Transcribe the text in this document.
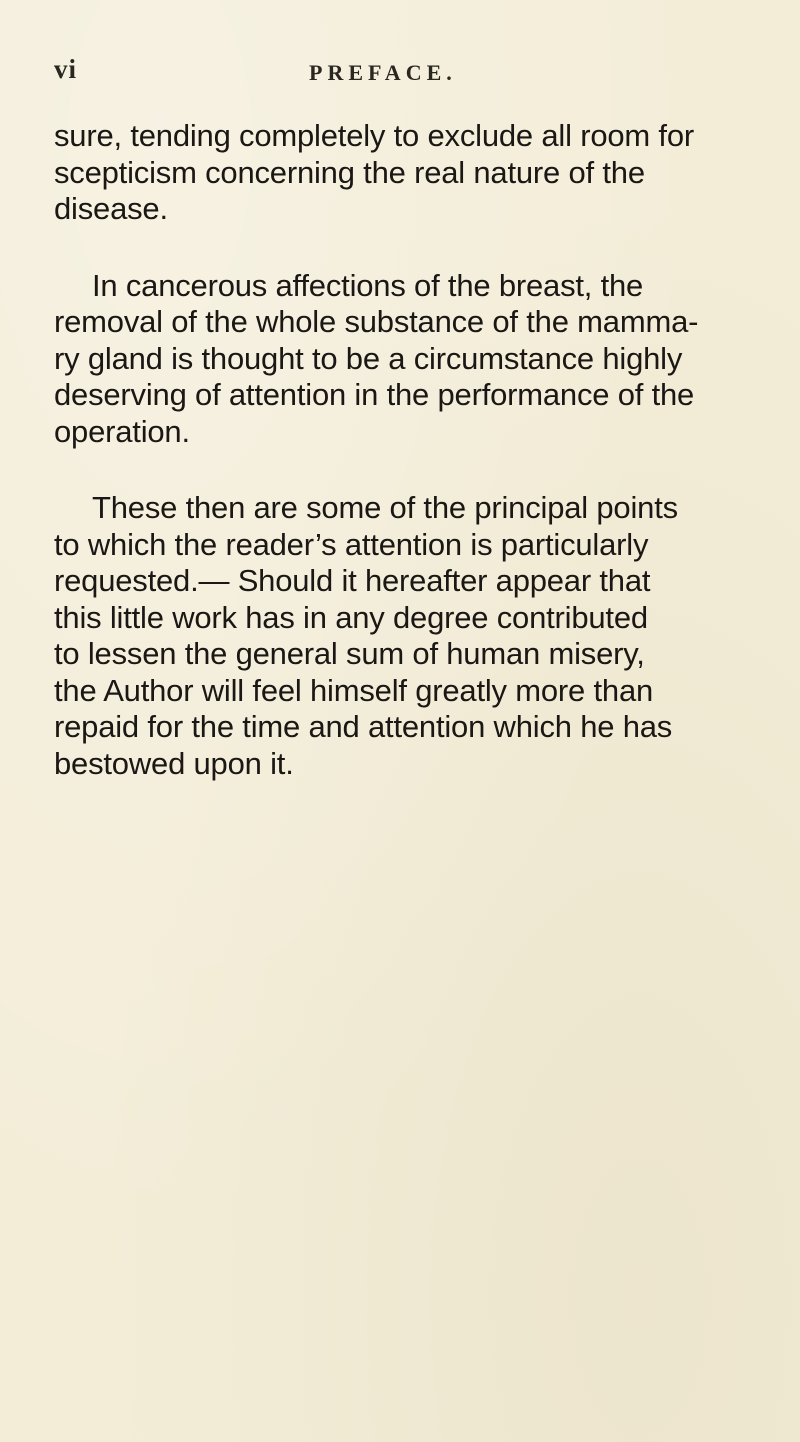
vi	PREFACE.

sure, tending completely to exclude all room for
scepticism concerning the real nature of the
disease.

In cancerous affections of the breast, the
removal of the whole substance of the mamma-
ry gland is thought to be a circumstance highly
deserving of attention in the performance of the
operation.

These then are some of the principal points
to which the reader’s attention is particularly
requested.— Should it hereafter appear that
this little work has in any degree contributed
to lessen the general sum of human misery,
the Author will feel himself greatly more than
repaid for the time and attention which he has
bestowed upon it.
